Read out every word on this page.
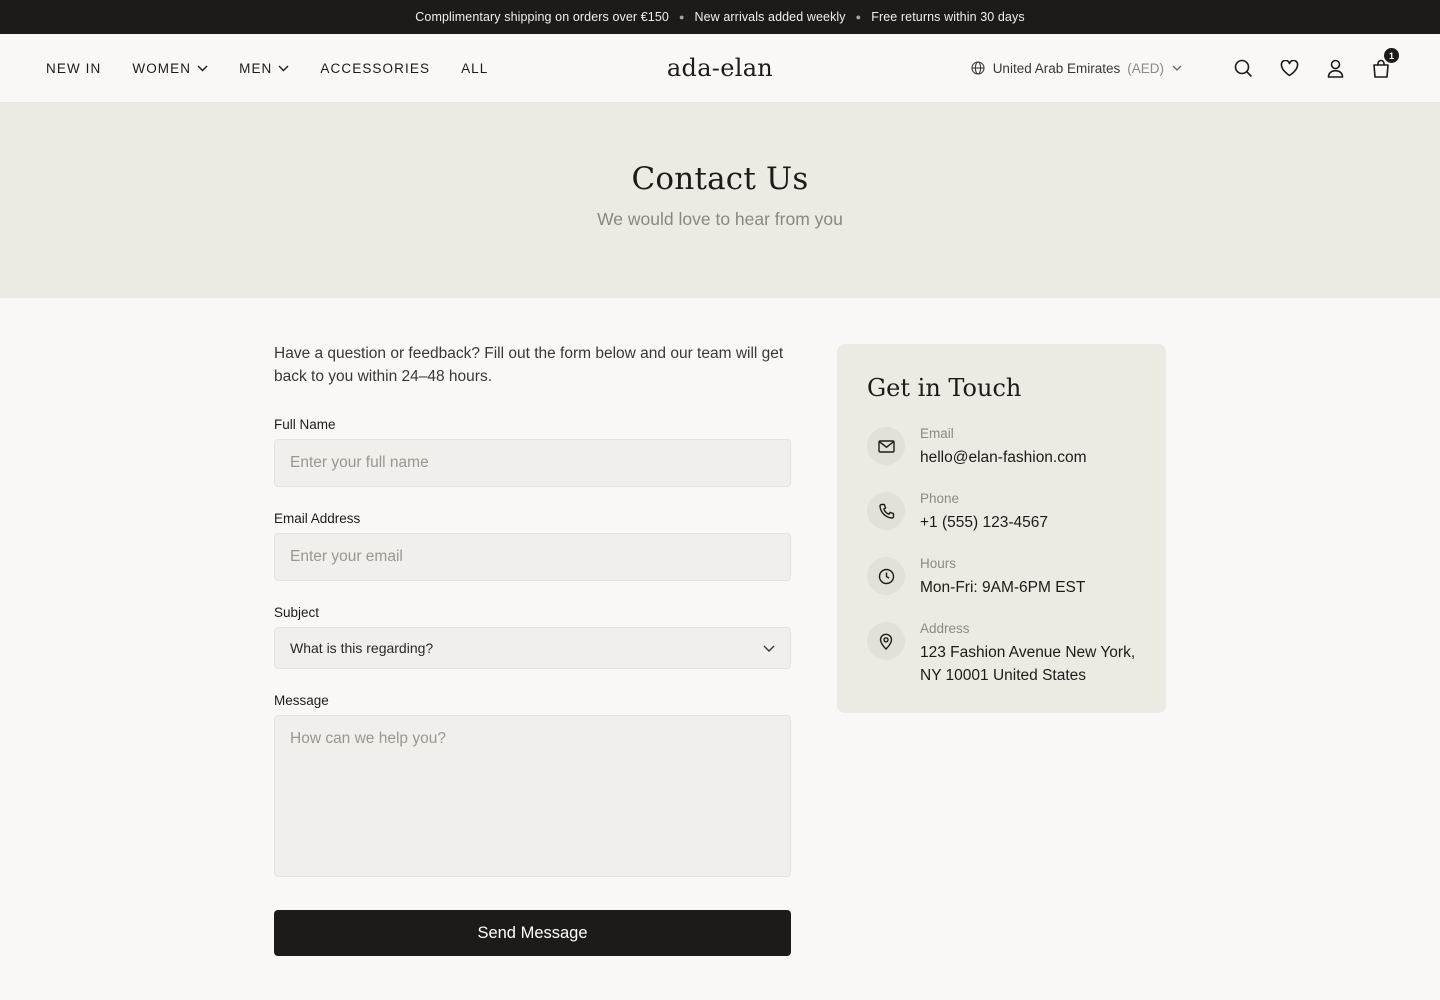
Complimentary shipping on orders over €150 ● New arrivals added weekly ● Free returns within 30 days
NEW IN WOMEN	MEN	ACCESSORIES ALL	ada-elan	United Arab Emirates (AED)
1
Contact Us

We would love to hear from you

Have a question or feedback? Fill out the form below and our team will get back to you within 24–48 hours.

Full Name
Enter your full name
Email Address
Enter your email
Subject
What is this regarding?
Message
How can we help you? Send Message
Get in Touch
Email
hello@elan-fashion.com
Phone
+1 (555) 123-4567
Hours
Mon-Fri: 9AM-6PM EST
Address
123 Fashion Avenue New York, NY 10001 United States
